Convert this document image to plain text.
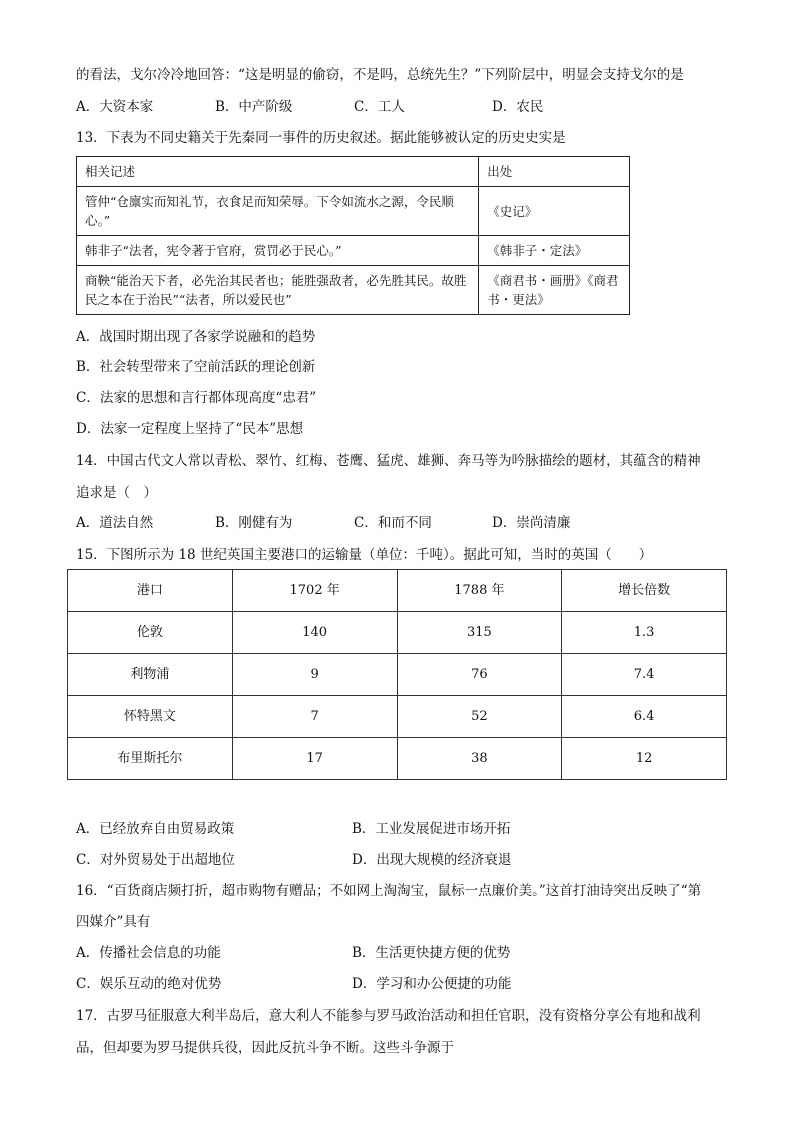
的看法，戈尔冷冷地回答：“这是明显的偷窃，不是吗，总统先生？”下列阶层中，明显会支持戈尔的是
A．大资本家	B．中产阶级	C．工人	D．农民
13．下表为不同史籍关于先秦同一事件的历史叙述。据此能够被认定的历史史实是
相关记述	出处
管仲“仓廪实而知礼节，衣食足而知荣辱。下令如流水之源，令民顺心。”	《史记》
韩非子“法者，宪令著于官府，赏罚必于民心。”	《韩非子・定法》
商鞅“能治天下者，必先治其民者也；能胜强敌者，必先胜其民。故胜民之本在于治民”“法者，所以爱民也”	《商君书・画册》《商君书・更法》
A．战国时期出现了各家学说融和的趋势
B．社会转型带来了空前活跃的理论创新
C．法家的思想和言行都体现高度“忠君”
D．法家一定程度上坚持了“民本”思想
14．中国古代文人常以青松、翠竹、红梅、苍鹰、猛虎、雄狮、奔马等为吟脉描绘的题材，其蕴含的精神
追求是（　）
A．道法自然	B．刚健有为	C．和而不同	D．崇尚清廉
15．下图所示为 18 世纪英国主要港口的运输量（单位：千吨）。据此可知，当时的英国（　　）
港口	1702 年	1788 年	增长倍数
伦敦	140	315	1.3
利物浦	9	76	7.4
怀特黑文	7	52	6.4
布里斯托尔	17	38	12
A．已经放弃自由贸易政策	B．工业发展促进市场开拓
C．对外贸易处于出超地位	D．出现大规模的经济衰退
16．“百货商店频打折，超市购物有赠品；不如网上淘淘宝，鼠标一点廉价美。”这首打油诗突出反映了“第
四媒介”具有
A．传播社会信息的功能	B．生活更快捷方便的优势
C．娱乐互动的绝对优势	D．学习和办公便捷的功能
17．古罗马征服意大利半岛后，意大利人不能参与罗马政治活动和担任官职，没有资格分享公有地和战利
品，但却要为罗马提供兵役，因此反抗斗争不断。这些斗争源于
